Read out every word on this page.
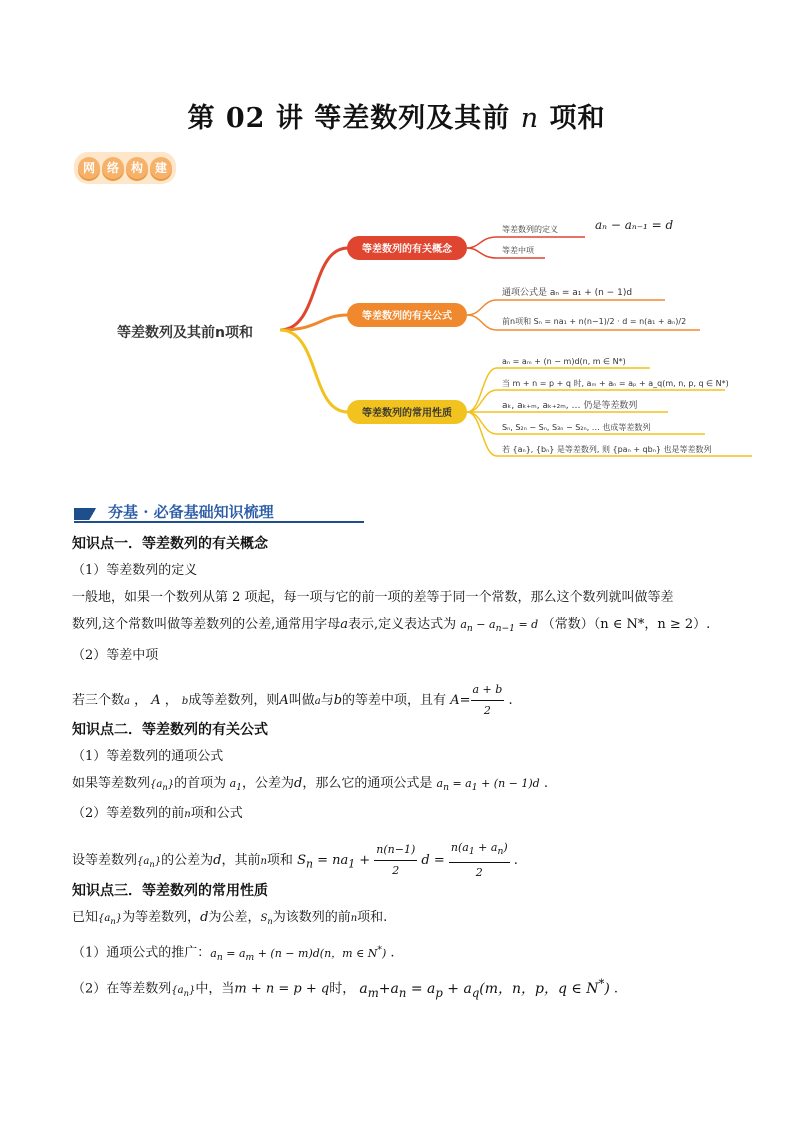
第 02 讲 等差数列及其前 n 项和
网 络 构 建
等差数列及其前n项和
等差数列的有关概念
等差数列的定义
等差中项
aₙ − aₙ₋₁ = d
等差数列的有关公式
通项公式是 aₙ = a₁ + (n − 1)d
前n项和 Sₙ = na₁ + n(n−1)/2 · d = n(a₁ + aₙ)/2
等差数列的常用性质
aₙ = aₘ + (n − m)d(n, m ∈ N*)
当 m + n = p + q 时, aₘ + aₙ = aₚ + a_q(m, n, p, q ∈ N*)
aₖ, aₖ₊ₘ, aₖ₊₂ₘ, … 仍是等差数列
Sₙ, S₂ₙ − Sₙ, S₃ₙ − S₂ₙ, … 也成等差数列
若 {aₙ}, {bₙ} 是等差数列, 则 {paₙ + qbₙ} 也是等差数列
夯基 · 必备基础知识梳理
知识点一．等差数列的有关概念
（1）等差数列的定义
一般地，如果一个数列从第 2 项起，每一项与它的前一项的差等于同一个常数，那么这个数列就叫做等差
数列,这个常数叫做等差数列的公差,通常用字母a表示,定义表达式为 $a_n - a_{n-1} = d$ （常数）（n ∈ N*，n ≥ 2）.
（2）等差中项
若三个数a ， A ， b成等差数列，则A叫做a与b的等差中项，且有 $A= \frac{a + b}{2}$ .
知识点二．等差数列的有关公式
（1）等差数列的通项公式
如果等差数列$\{a_n\}$的首项为 $a_1$，公差为d，那么它的通项公式是 $a_n = a_1 + (n - 1)d$ .
（2）等差数列的前n项和公式
设等差数列$\{a_n\}$的公差为d，其前n项和 $S_n = na_1 + \frac{n(n-1)}{2}$ $d = \frac{n(a_1 + a_n)}{2}$ .
知识点三．等差数列的常用性质
已知$\{a_n\}$为等差数列，d为公差，$S_n$为该数列的前n项和.
（1）通项公式的推广：$a_n = a_m + (n - m)d(n$，m ∈ N*) .
（2）在等差数列$\{a_n\}$中，当m + n = p + q时， $a_m+a_n = a_p + a_q(m$，n，p，q ∈ N*) .
